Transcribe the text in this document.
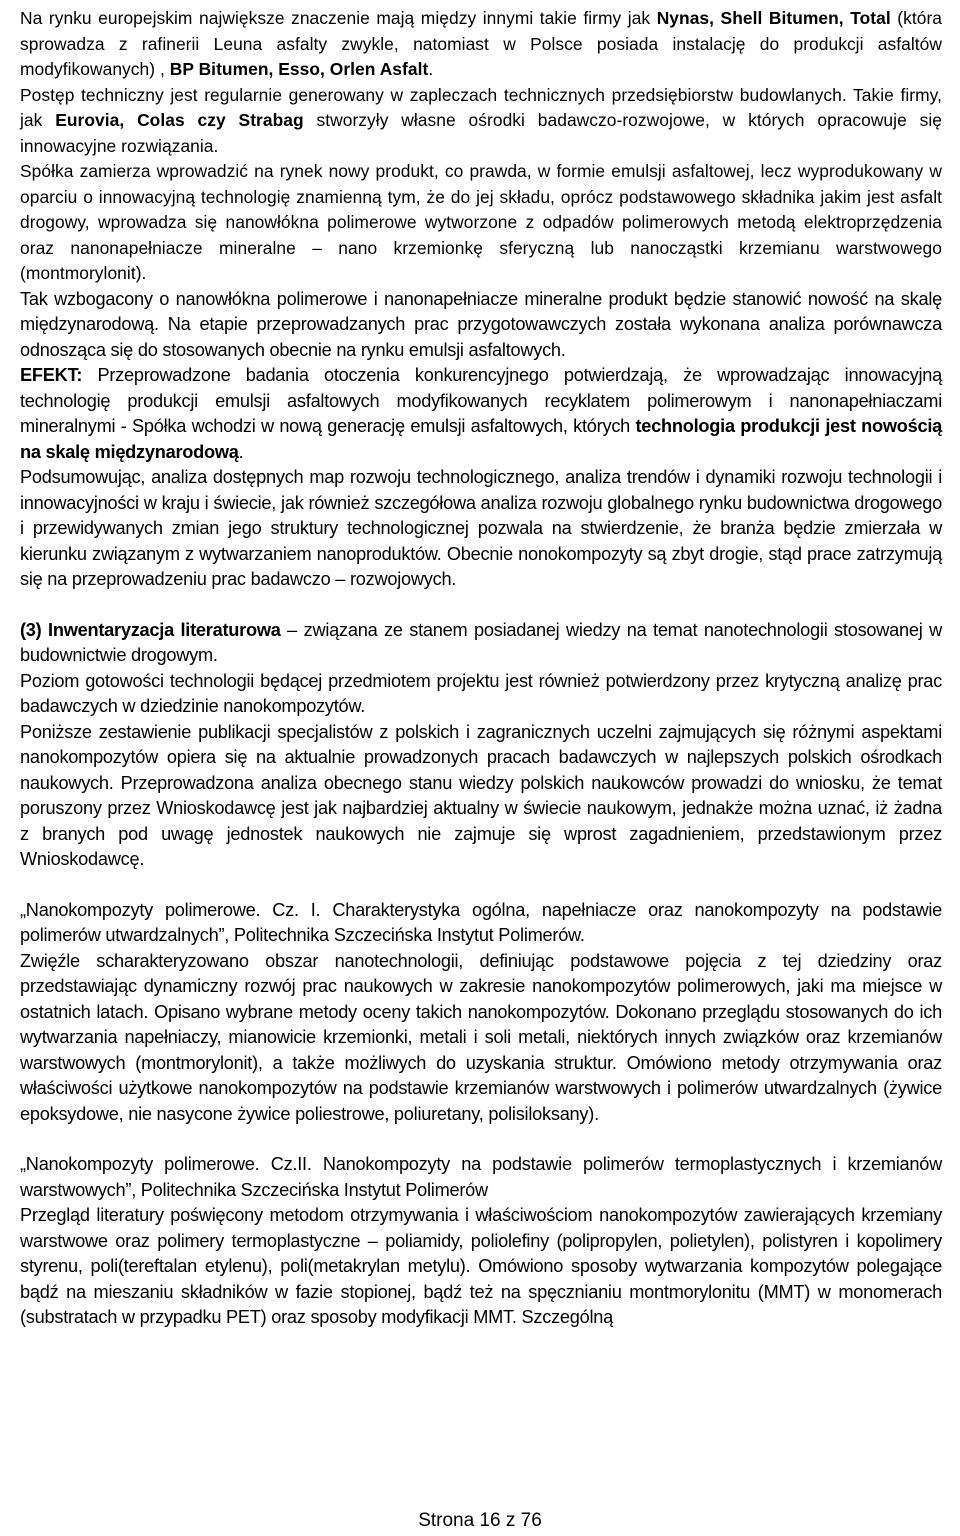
Na rynku europejskim największe znaczenie mają między innymi takie firmy jak Nynas, Shell Bitumen, Total (która sprowadza z rafinerii Leuna asfalty zwykle, natomiast w Polsce posiada instalację do produkcji asfaltów modyfikowanych) , BP Bitumen, Esso, Orlen Asfalt.

Postęp techniczny jest regularnie generowany w zapleczach technicznych przedsiębiorstw budowlanych. Takie firmy, jak Eurovia, Colas czy Strabag stworzyły własne ośrodki badawczo-rozwojowe, w których opracowuje się innowacyjne rozwiązania.

Spółka zamierza wprowadzić na rynek nowy produkt, co prawda, w formie emulsji asfaltowej, lecz wyprodukowany w oparciu o innowacyjną technologię znamienną tym, że do jej składu, oprócz podstawowego składnika jakim jest asfalt drogowy, wprowadza się nanowłókna polimerowe wytworzone z odpadów polimerowych metodą elektroprzędzenia oraz nanonapełniacze mineralne – nano krzemionkę sferyczną lub nanocząstki krzemianu warstwowego (montmorylonit).

Tak wzbogacony o nanowłókna polimerowe i nanonapełniacze mineralne produkt będzie stanowić nowość na skalę międzynarodową. Na etapie przeprowadzanych prac przygotowawczych została wykonana analiza porównawcza odnosząca się do stosowanych obecnie na rynku emulsji asfaltowych.

EFEKT: Przeprowadzone badania otoczenia konkurencyjnego potwierdzają, że wprowadzając innowacyjną technologię produkcji emulsji asfaltowych modyfikowanych recyklatem polimerowym i nanonapełniaczami mineralnymi - Spółka wchodzi w nową generację emulsji asfaltowych, których technologia produkcji jest nowością na skalę międzynarodową.

Podsumowując, analiza dostępnych map rozwoju technologicznego, analiza trendów i dynamiki rozwoju technologii i innowacyjności w kraju i świecie, jak również szczegółowa analiza rozwoju globalnego rynku budownictwa drogowego i przewidywanych zmian jego struktury technologicznej pozwala na stwierdzenie, że branża będzie zmierzała w kierunku związanym z wytwarzaniem nanoproduktów. Obecnie nonokompozyty są zbyt drogie, stąd prace zatrzymują się na przeprowadzeniu prac badawczo – rozwojowych.

(3) Inwentaryzacja literaturowa – związana ze stanem posiadanej wiedzy na temat nanotechnologii stosowanej w budownictwie drogowym.

Poziom gotowości technologii będącej przedmiotem projektu jest również potwierdzony przez krytyczną analizę prac badawczych w dziedzinie nanokompozytów.

Poniższe zestawienie publikacji specjalistów z polskich i zagranicznych uczelni zajmujących się różnymi aspektami nanokompozytów opiera się na aktualnie prowadzonych pracach badawczych w najlepszych polskich ośrodkach naukowych. Przeprowadzona analiza obecnego stanu wiedzy polskich naukowców prowadzi do wniosku, że temat poruszony przez Wnioskodawcę jest jak najbardziej aktualny w świecie naukowym, jednakże można uznać, iż żadna z branych pod uwagę jednostek naukowych nie zajmuje się wprost zagadnieniem, przedstawionym przez Wnioskodawcę.

„Nanokompozyty polimerowe. Cz. I. Charakterystyka ogólna, napełniacze oraz nanokompozyty na podstawie polimerów utwardzalnych”, Politechnika Szczecińska Instytut Polimerów.

Zwięźle scharakteryzowano obszar nanotechnologii, definiując podstawowe pojęcia z tej dziedziny oraz przedstawiając dynamiczny rozwój prac naukowych w zakresie nanokompozytów polimerowych, jaki ma miejsce w ostatnich latach. Opisano wybrane metody oceny takich nanokompozytów. Dokonano przeglądu stosowanych do ich wytwarzania napełniaczy, mianowicie krzemionki, metali i soli metali, niektórych innych związków oraz krzemianów warstwowych (montmorylonit), a także możliwych do uzyskania struktur. Omówiono metody otrzymywania oraz właściwości użytkowe nanokompozytów na podstawie krzemianów warstwowych i polimerów utwardzalnych (żywice epoksydowe, nie nasycone żywice poliestrowe, poliuretany, polisiloksany).

„Nanokompozyty polimerowe. Cz.II. Nanokompozyty na podstawie polimerów termoplastycznych i krzemianów warstwowych”, Politechnika Szczecińska Instytut Polimerów

Przegląd literatury poświęcony metodom otrzymywania i właściwościom nanokompozytów zawierających krzemiany warstwowe oraz polimery termoplastyczne – poliamidy, poliolefiny (polipropylen, polietylen), polistyren i kopolimery styrenu, poli(tereftalan etylenu), poli(metakrylan metylu). Omówiono sposoby wytwarzania kompozytów polegające bądź na mieszaniu składników w fazie stopionej, bądź też na spęcznianiu montmorylonitu (MMT) w monomerach (substratach w przypadku PET) oraz sposoby modyfikacji MMT. Szczególną

Strona 16 z 76
